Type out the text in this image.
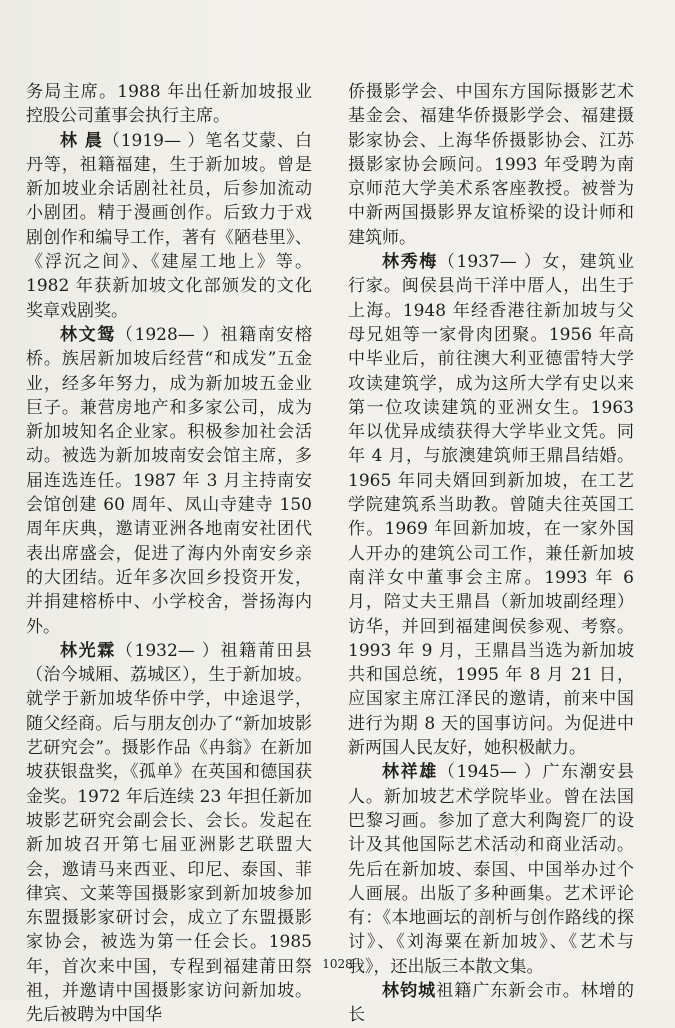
务局主席。1988 年出任新加坡报业控股公司董事会执行主席。

林 晨（1919— ）笔名艾蒙、白丹等，祖籍福建，生于新加坡。曾是新加坡业余话剧社社员，后参加流动小剧团。精于漫画创作。后致力于戏剧创作和编导工作，著有《陋巷里》、《浮沉之间》、《建屋工地上》等。1982 年获新加坡文化部颁发的文化奖章戏剧奖。

林文鸳（1928— ）祖籍南安榕桥。族居新加坡后经营“和成发”五金业，经多年努力，成为新加坡五金业巨子。兼营房地产和多家公司，成为新加坡知名企业家。积极参加社会活动。被选为新加坡南安会馆主席，多届连选连任。1987 年 3 月主持南安会馆创建 60 周年、凤山寺建寺 150 周年庆典，邀请亚洲各地南安社团代表出席盛会，促进了海内外南安乡亲的大团结。近年多次回乡投资开发，并捐建榕桥中、小学校舍，誉扬海内外。

林光霖（1932— ）祖籍莆田县（治今城厢、荔城区），生于新加坡。就学于新加坡华侨中学，中途退学，随父经商。后与朋友创办了“新加坡影艺研究会”。摄影作品《冉翁》在新加坡获银盘奖，《孤单》在英国和德国获金奖。1972 年后连续 23 年担任新加坡影艺研究会副会长、会长。发起在新加坡召开第七届亚洲影艺联盟大会，邀请马来西亚、印尼、泰国、菲律宾、文莱等国摄影家到新加坡参加东盟摄影家研讨会，成立了东盟摄影家协会，被选为第一任会长。1985 年，首次来中国，专程到福建莆田祭祖，并邀请中国摄影家访问新加坡。先后被聘为中国华

侨摄影学会、中国东方国际摄影艺术基金会、福建华侨摄影学会、福建摄影家协会、上海华侨摄影协会、江苏摄影家协会顾问。1993 年受聘为南京师范大学美术系客座教授。被誉为中新两国摄影界友谊桥梁的设计师和建筑师。

林秀梅（1937— ）女，建筑业行家。闽侯县尚干洋中厝人，出生于上海。1948 年经香港往新加坡与父母兄姐等一家骨肉团聚。1956 年高中毕业后，前往澳大利亚德雷特大学攻读建筑学，成为这所大学有史以来第一位攻读建筑的亚洲女生。1963 年以优异成绩获得大学毕业文凭。同年 4 月，与旅澳建筑师王鼎昌结婚。1965 年同夫婿回到新加坡，在工艺学院建筑系当助教。曾随夫往英国工作。1969 年回新加坡，在一家外国人开办的建筑公司工作，兼任新加坡南洋女中董事会主席。1993 年 6 月，陪丈夫王鼎昌（新加坡副经理）访华，并回到福建闽侯参观、考察。1993 年 9 月，王鼎昌当选为新加坡共和国总统，1995 年 8 月 21 日，应国家主席江泽民的邀请，前来中国进行为期 8 天的国事访问。为促进中新两国人民友好，她积极献力。

林祥雄（1945— ）广东潮安县人。新加坡艺术学院毕业。曾在法国巴黎习画。参加了意大利陶瓷厂的设计及其他国际艺术活动和商业活动。先后在新加坡、泰国、中国举办过个人画展。出版了多种画集。艺术评论有：《本地画坛的剖析与创作路线的探讨》、《刘海粟在新加坡》、《艺术与我》，还出版三本散文集。

林钧城祖籍广东新会市。林增的长

1028
